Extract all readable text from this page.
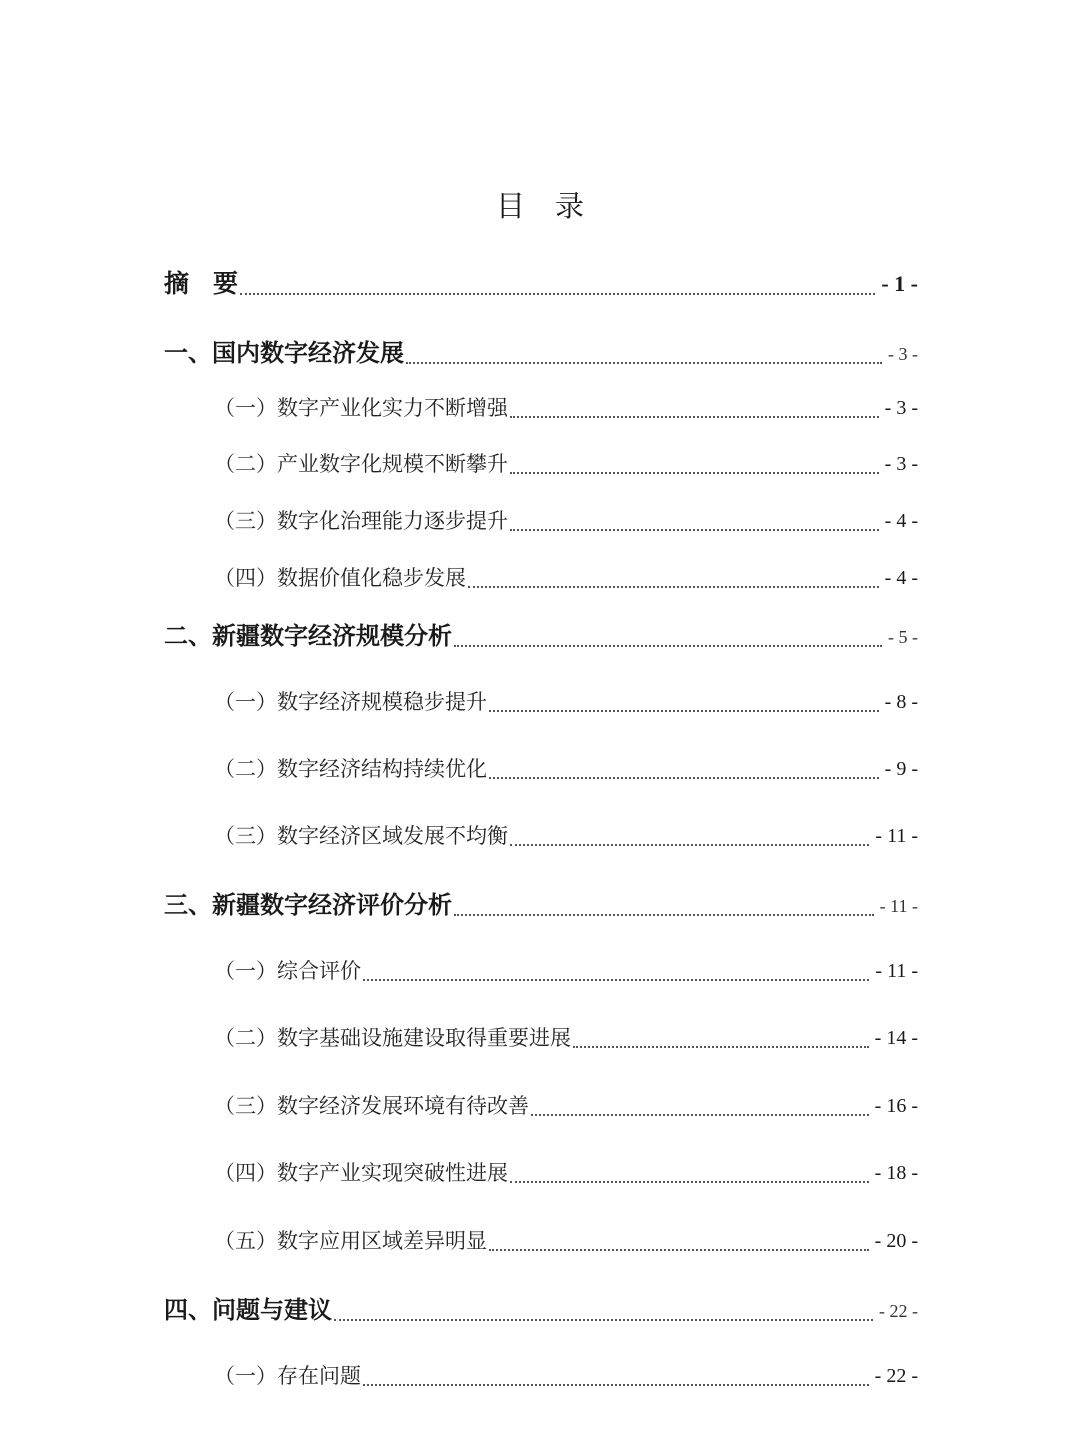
目 录
摘 要	- 1 -
一、国内数字经济发展	- 3 -
（一）数字产业化实力不断增强	- 3 -
（二）产业数字化规模不断攀升	- 3 -
（三）数字化治理能力逐步提升	- 4 -
（四）数据价值化稳步发展	- 4 -
二、新疆数字经济规模分析	- 5 -
（一）数字经济规模稳步提升	- 8 -
（二）数字经济结构持续优化	- 9 -
（三）数字经济区域发展不均衡	- 11 -
三、新疆数字经济评价分析	- 11 -
（一）综合评价	- 11 -
（二）数字基础设施建设取得重要进展	- 14 -
（三）数字经济发展环境有待改善	- 16 -
（四）数字产业实现突破性进展	- 18 -
（五）数字应用区域差异明显	- 20 -
四、问题与建议	- 22 -
（一）存在问题	- 22 -
